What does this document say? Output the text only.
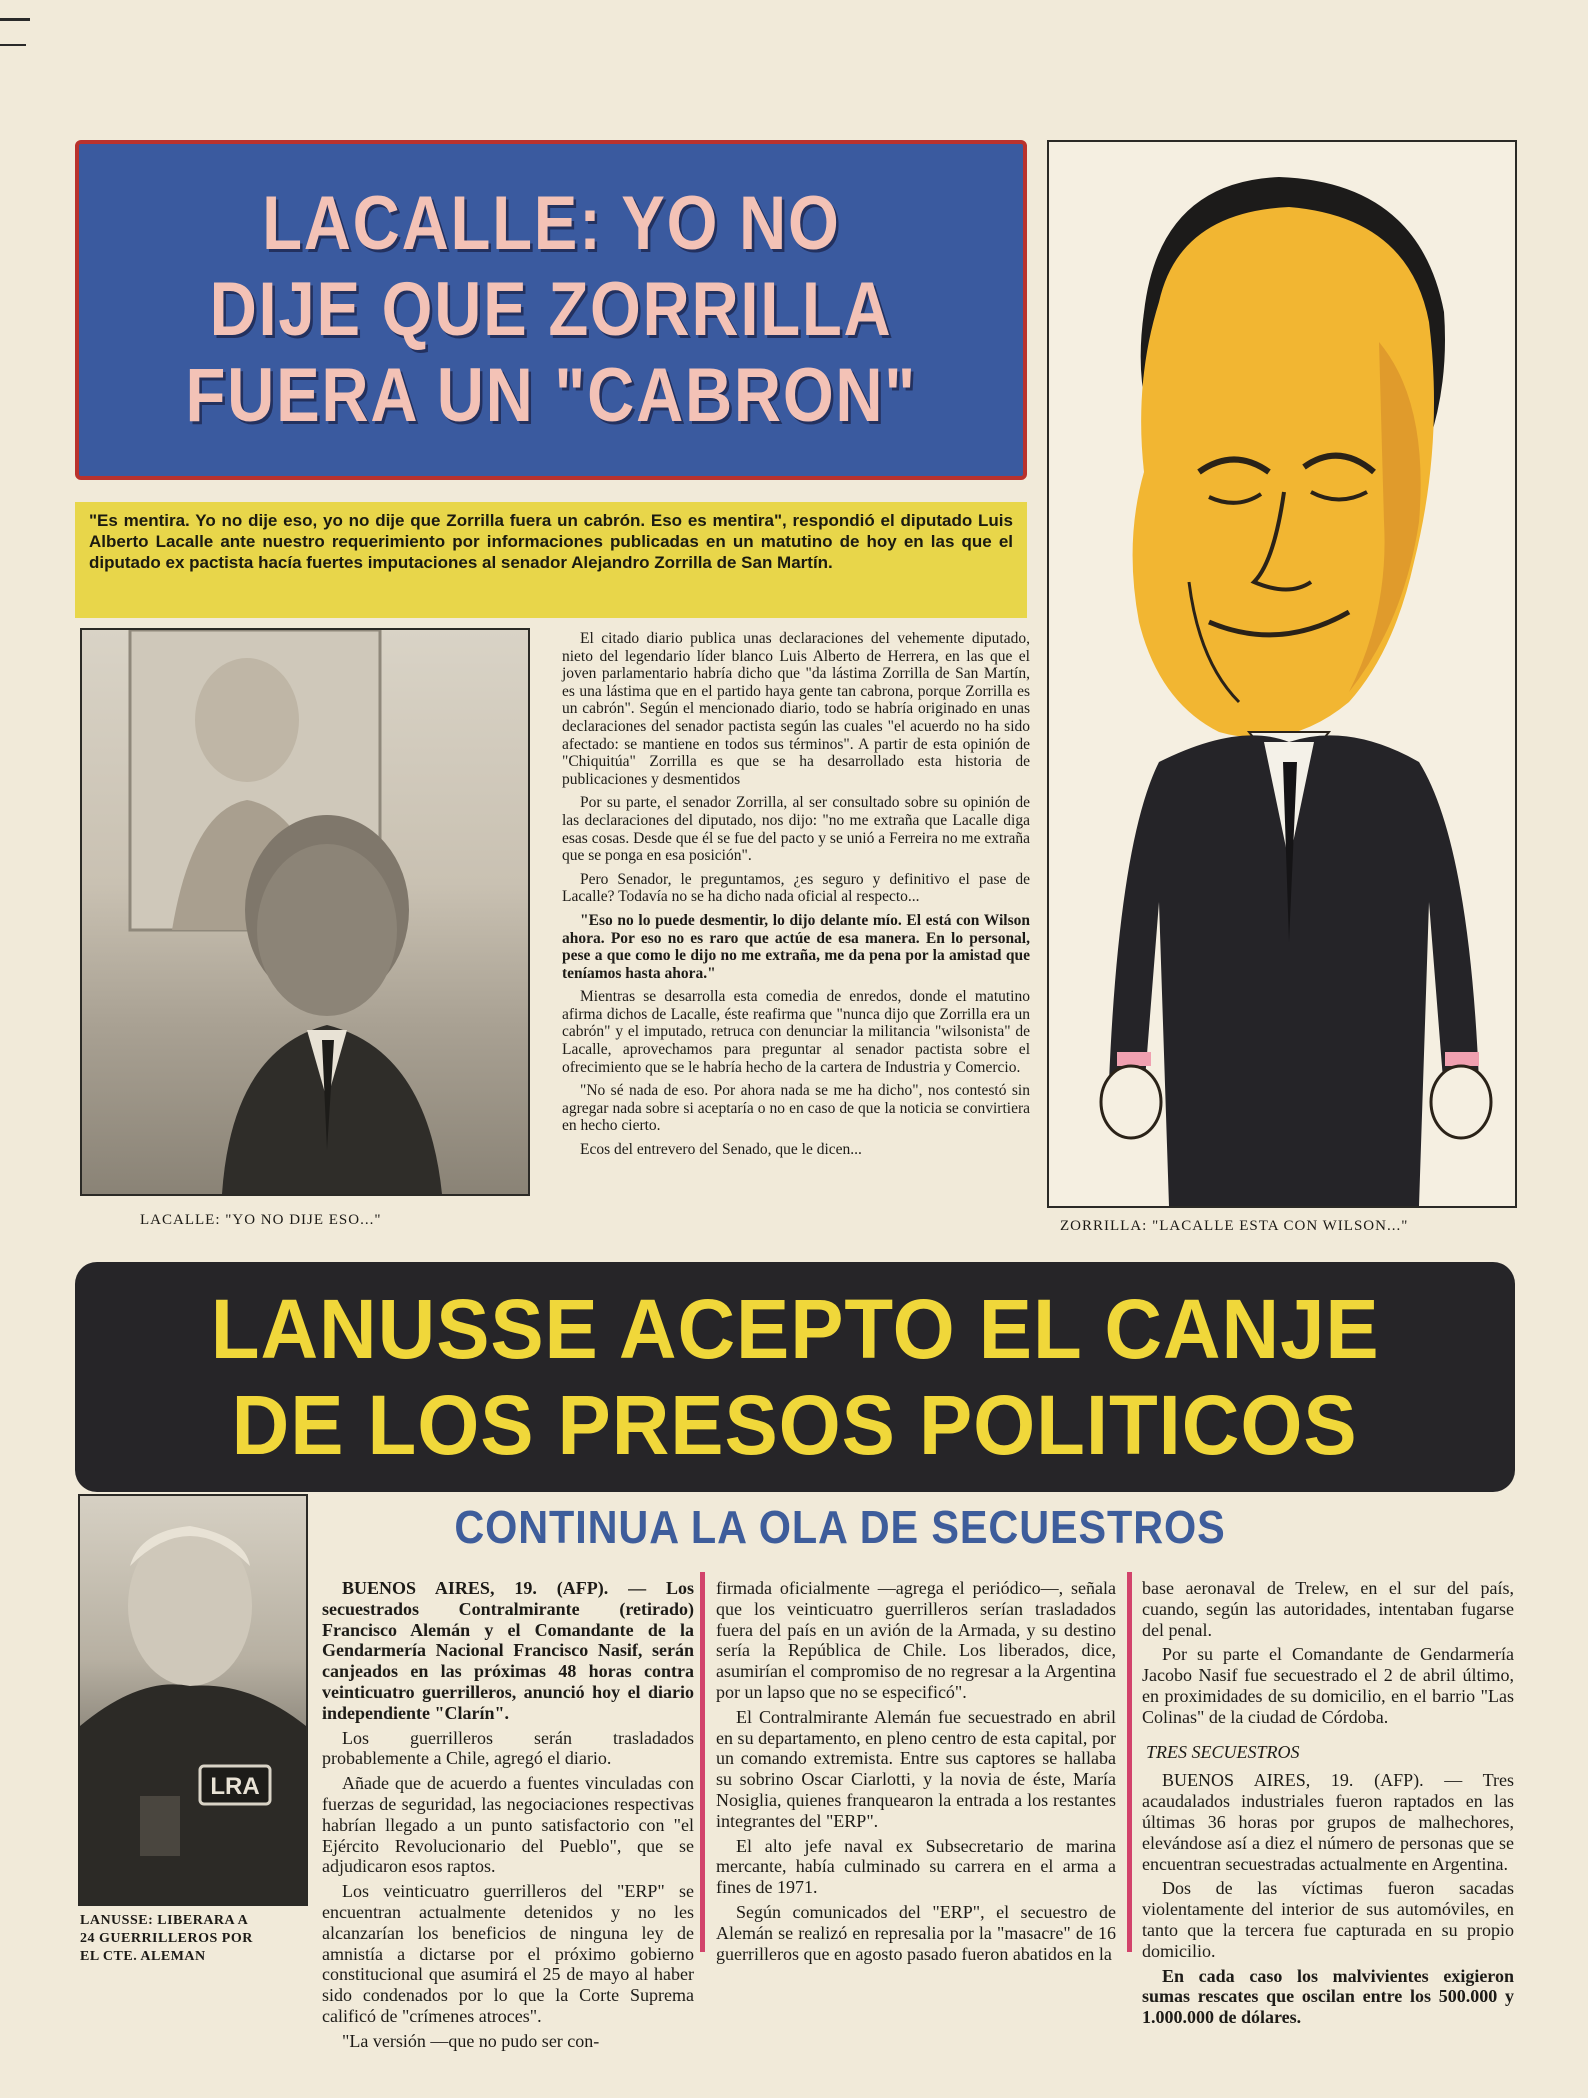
LACALLE: YO NO
DIJE QUE ZORRILLA
FUERA UN "CABRON"
"Es mentira. Yo no dije eso, yo no dije que Zorrilla fuera un cabrón. Eso es mentira", respondió el diputado Luis Alberto Lacalle ante nuestro requerimiento por informaciones publicadas en un matutino de hoy en las que el diputado ex pactista hacía fuertes imputaciones al senador Alejandro Zorrilla de San Martín.
LACALLE: "YO NO DIJE ESO..."

El citado diario publica unas declaraciones del vehemente diputado, nieto del legendario líder blanco Luis Alberto de Herrera, en las que el joven parlamentario habría dicho que "da lástima Zorrilla de San Martín, es una lástima que en el partido haya gente tan cabrona, porque Zorrilla es un cabrón". Según el mencionado diario, todo se habría originado en unas declaraciones del senador pactista según las cuales "el acuerdo no ha sido afectado: se mantiene en todos sus términos". A partir de esta opinión de "Chiquitúa" Zorrilla es que se ha desarrollado esta historia de publicaciones y desmentidos

Por su parte, el senador Zorrilla, al ser consultado sobre su opinión de las declaraciones del diputado, nos dijo: "no me extraña que Lacalle diga esas cosas. Desde que él se fue del pacto y se unió a Ferreira no me extraña que se ponga en esa posición".

Pero Senador, le preguntamos, ¿es seguro y definitivo el pase de Lacalle? Todavía no se ha dicho nada oficial al respecto...

"Eso no lo puede desmentir, lo dijo delante mío. El está con Wilson ahora. Por eso no es raro que actúe de esa manera. En lo personal, pese a que como le dijo no me extraña, me da pena por la amistad que teníamos hasta ahora."

Mientras se desarrolla esta comedia de enredos, donde el matutino afirma dichos de Lacalle, éste reafirma que "nunca dijo que Zorrilla era un cabrón" y el imputado, retruca con denunciar la militancia "wilsonista" de Lacalle, aprovechamos para preguntar al senador pactista sobre el ofrecimiento que se le habría hecho de la cartera de Industria y Comercio.

"No sé nada de eso. Por ahora nada se me ha dicho", nos contestó sin agregar nada sobre si aceptaría o no en caso de que la noticia se convirtiera en hecho cierto.

Ecos del entrevero del Senado, que le dicen...

ZORRILLA: "LACALLE ESTA CON WILSON..."
LANUSSE ACEPTO EL CANJE
DE LOS PRESOS POLITICOS
LRA
LANUSSE: LIBERARA A
24 GUERRILLEROS POR
EL CTE. ALEMAN
CONTINUA LA OLA DE SECUESTROS

BUENOS AIRES, 19. (AFP). — Los secuestrados Contralmirante (retirado) Francisco Alemán y el Comandante de la Gendarmería Nacional Francisco Nasif, serán canjeados en las próximas 48 horas contra veinticuatro guerrilleros, anunció hoy el diario independiente "Clarín".

Los guerrilleros serán trasladados probablemente a Chile, agregó el diario.

Añade que de acuerdo a fuentes vinculadas con fuerzas de seguridad, las negociaciones respectivas habrían llegado a un punto satisfactorio con "el Ejército Revolucionario del Pueblo", que se adjudicaron esos raptos.

Los veinticuatro guerrilleros del "ERP" se encuentran actualmente detenidos y no les alcanzarían los beneficios de ninguna ley de amnistía a dictarse por el próximo gobierno constitucional que asumirá el 25 de mayo al haber sido condenados por lo que la Corte Suprema calificó de "crímenes atroces".

"La versión —que no pudo ser con-

firmada oficialmente —agrega el periódico—, señala que los veinticuatro guerrilleros serían trasladados fuera del país en un avión de la Armada, y su destino sería la República de Chile. Los liberados, dice, asumirían el compromiso de no regresar a la Argentina por un lapso que no se especificó".

El Contralmirante Alemán fue secuestrado en abril en su departamento, en pleno centro de esta capital, por un comando extremista. Entre sus captores se hallaba su sobrino Oscar Ciarlotti, y la novia de éste, María Nosiglia, quienes franquearon la entrada a los restantes integrantes del "ERP".

El alto jefe naval ex Subsecretario de marina mercante, había culminado su carrera en el arma a fines de 1971.

Según comunicados del "ERP", el secuestro de Alemán se realizó en represalia por la "masacre" de 16 guerrilleros que en agosto pasado fueron abatidos en la

base aeronaval de Trelew, en el sur del país, cuando, según las autoridades, intentaban fugarse del penal.

Por su parte el Comandante de Gendarmería Jacobo Nasif fue secuestrado el 2 de abril último, en proximidades de su domicilio, en el barrio "Las Colinas" de la ciudad de Córdoba.

TRES SECUESTROS

BUENOS AIRES, 19. (AFP). — Tres acaudalados industriales fueron raptados en las últimas 36 horas por grupos de malhechores, elevándose así a diez el número de personas que se encuentran secuestradas actualmente en Argentina.

Dos de las víctimas fueron sacadas violentamente del interior de sus automóviles, en tanto que la tercera fue capturada en su propio domicilio.

En cada caso los malvivientes exigieron sumas rescates que oscilan entre los 500.000 y 1.000.000 de dólares.
